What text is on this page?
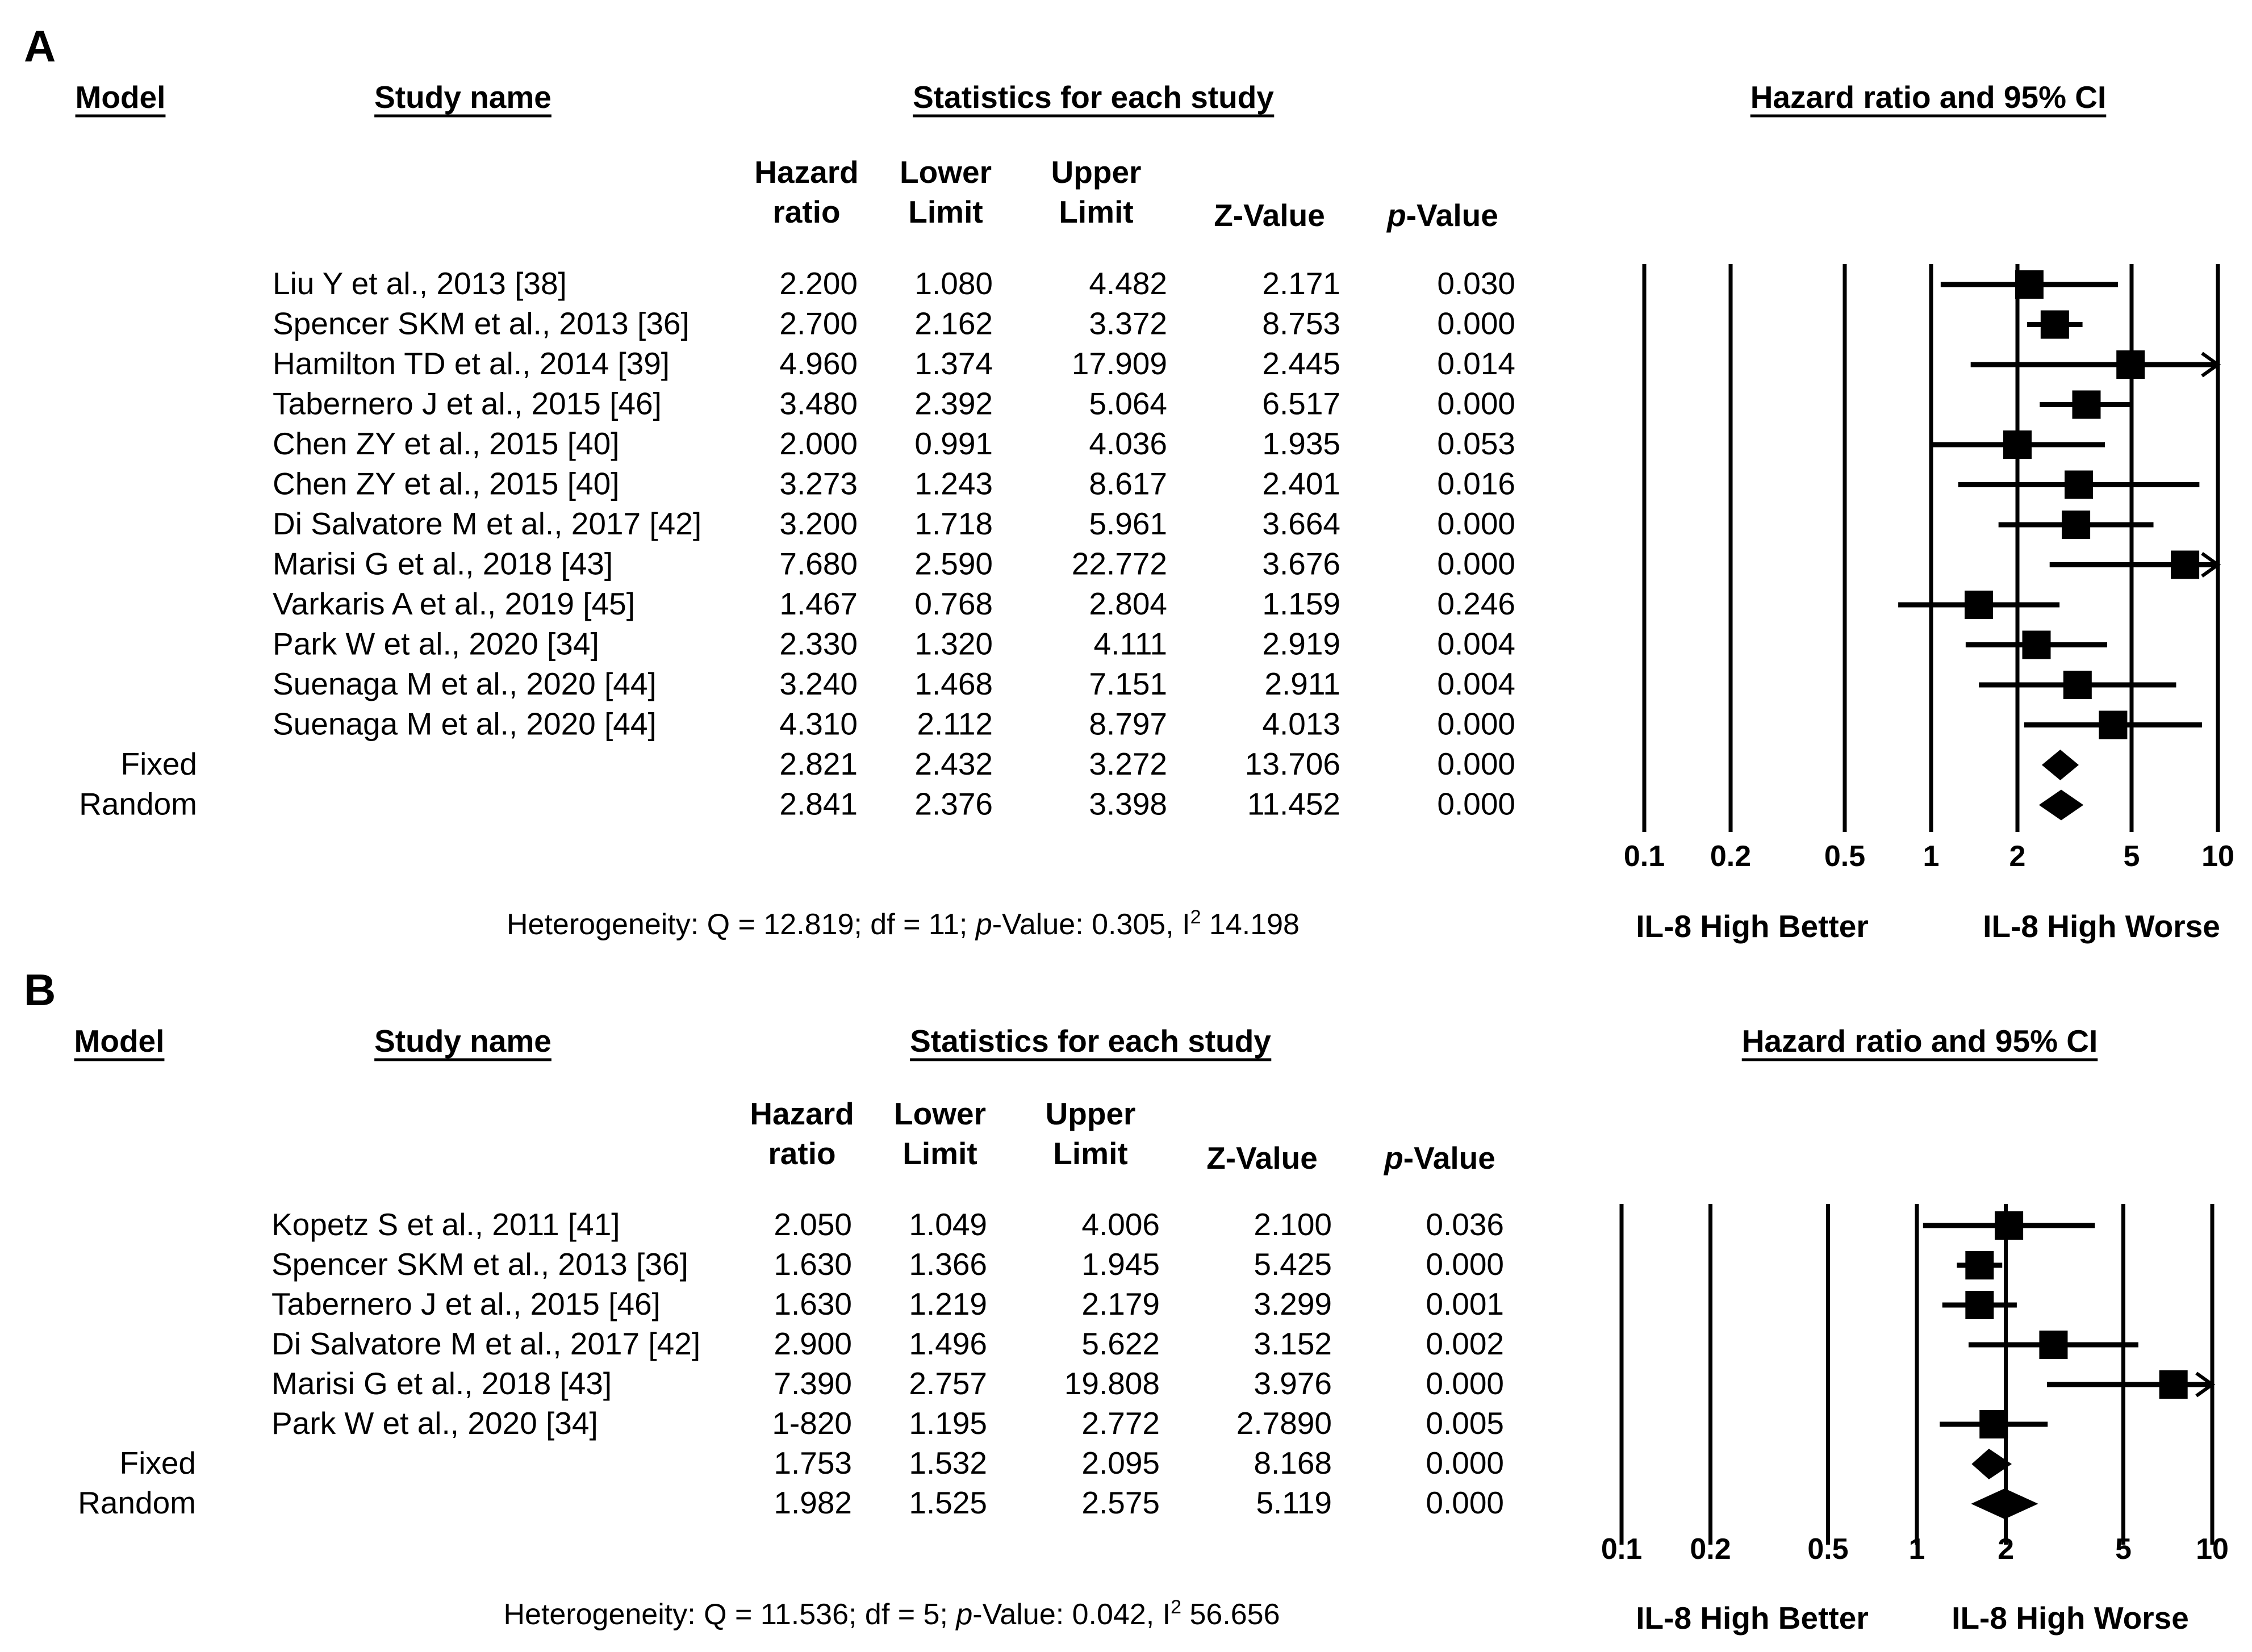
A
Model	Study name	Statistics for each study	Hazard ratio and 95% CI
Hazard
ratio
Lower
Limit
Upper
Limit	Z-Value p-Value
Liu Y et al., 2013 [38]	2.200 1.080	4.482	2.171	0.030
Spencer SKM et al., 2013 [36]	2.700 2.162	3.372	8.753	0.000
Hamilton TD et al., 2014 [39]	4.960 1.374	17.909	2.445	0.014
Tabernero J et al., 2015 [46]	3.480 2.392	5.064	6.517	0.000
Chen ZY et al., 2015 [40]	2.000 0.991	4.036	1.935	0.053
Chen ZY et al., 2015 [40]	3.273 1.243	8.617	2.401	0.016
Di Salvatore M et al., 2017 [42] 3.200 1.718	5.961	3.664	0.000
Marisi G et al., 2018 [43]	7.680 2.590	22.772	3.676	0.000
Varkaris A et al., 2019 [45]	1.467 0.768	2.804	1.159	0.246
Park W et al., 2020 [34]	2.330 1.320	4.111	2.919	0.004
Suenaga M et al., 2020 [44]	3.240 1.468	7.151	2.911	0.004
Suenaga M et al., 2020 [44]	4.310 2.112	8.797	4.013	0.000
Fixed	2.821 2.432	3.272 13.706	0.000
Random	2.841 2.376	3.398	11.452	0.000
Heterogeneity: Q = 12.819; df = 11; p-Value: 0.305, $I^2$ 14.198
0.1 0.2 0.5 1 2	5 10
IL-8 High Better	IL-8 High Worse
B
Model	Study name	Statistics for each study	Hazard ratio and 95% CI
Hazard
ratio
Lower
Limit
Upper
Limit	Z-Value p-Value
Kopetz S et al., 2011 [41]	2.050 1.049	4.006	2.100	0.036
Spencer SKM et al., 2013 [36]	1.630 1.366	1.945	5.425	0.000
Tabernero J et al., 2015 [46]	1.630 1.219	2.179	3.299	0.001
Di Salvatore M et al., 2017 [42] 2.900 1.496	5.622	3.152	0.002
Marisi G et al., 2018 [43]	7.390 2.757 19.808	3.976	0.000
Park W et al., 2020 [34]	1-820 1.195	2.772 2.7890	0.005
Fixed	1.753 1.532	2.095	8.168	0.000
Random	1.982 1.525	2.575	5.119	0.000
Heterogeneity: Q = 11.536; df = 5; p-Value: 0.042, $I^2$ 56.656
0.1 0.2	0.5 1 2	5 10
IL-8 High Better	IL-8 High Worse
